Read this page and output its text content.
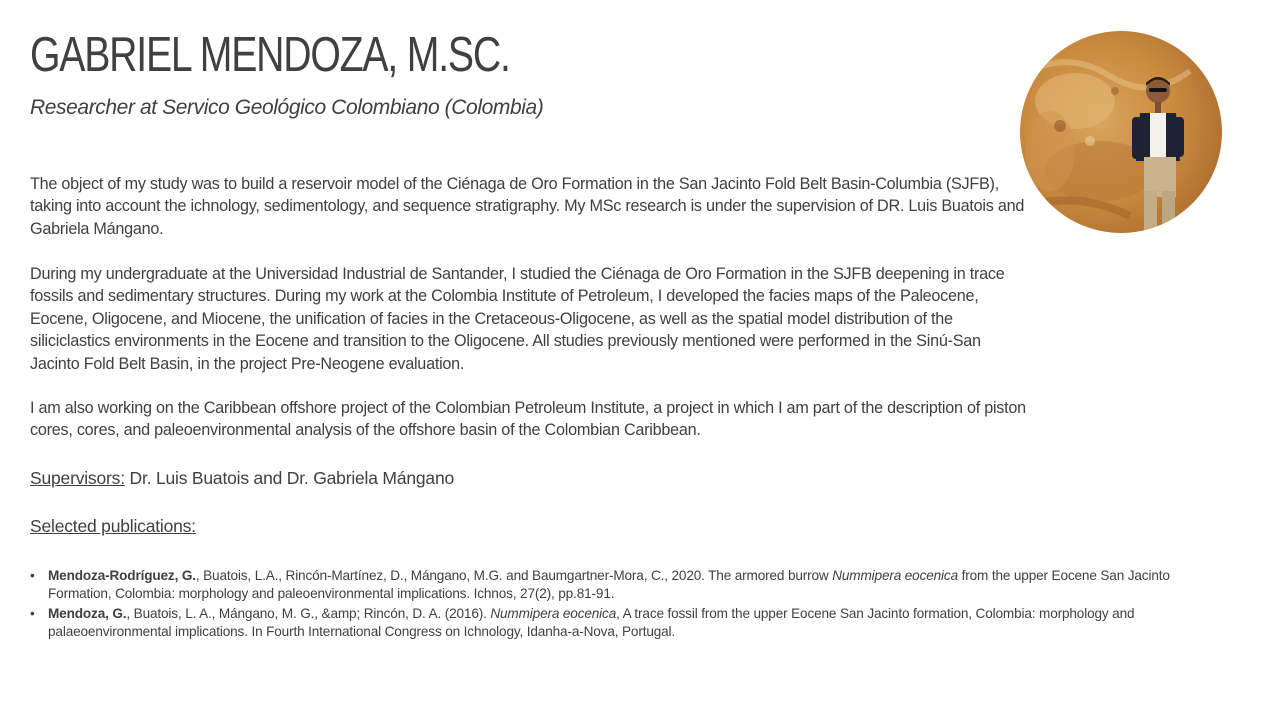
GABRIEL MENDOZA, M.SC.
Researcher at Servico Geológico Colombiano (Colombia)
The object of my study was to build a reservoir model of the Ciénaga de Oro Formation in the San Jacinto Fold Belt Basin-Columbia (SJFB), taking into account the ichnology, sedimentology, and sequence stratigraphy. My MSc research is under the supervision of DR. Luis Buatois and Gabriela Mángano.
During my undergraduate at the Universidad Industrial de Santander, I studied the Ciénaga de Oro Formation in the SJFB deepening in trace fossils and sedimentary structures. During my work at the Colombia Institute of Petroleum, I developed the facies maps of the Paleocene, Eocene, Oligocene, and Miocene, the unification of facies in the Cretaceous-Oligocene, as well as the spatial model distribution of the siliciclastics environments in the Eocene and transition to the Oligocene. All studies previously mentioned were performed in the Sinú-San Jacinto Fold Belt Basin, in the project Pre-Neogene evaluation.
I am also working on the Caribbean offshore project of the Colombian Petroleum Institute, a project in which I am part of the description of piston cores, cores, and paleoenvironmental analysis of the offshore basin of the Colombian Caribbean.
Supervisors: Dr. Luis Buatois and Dr. Gabriela Mángano
Selected publications:
• Mendoza-Rodríguez, G., Buatois, L.A., Rincón-Martínez, D., Mángano, M.G. and Baumgartner-Mora, C., 2020. The armored burrow Nummipera eocenica from the upper Eocene San Jacinto Formation, Colombia: morphology and paleoenvironmental implications. Ichnos, 27(2), pp.81-91.
• Mendoza, G., Buatois, L. A., Mángano, M. G., &amp; Rincón, D. A. (2016). Nummipera eocenica, A trace fossil from the upper Eocene San Jacinto formation, Colombia: morphology and palaeoenvironmental implications. In Fourth International Congress on Ichnology, Idanha-a-Nova, Portugal.
